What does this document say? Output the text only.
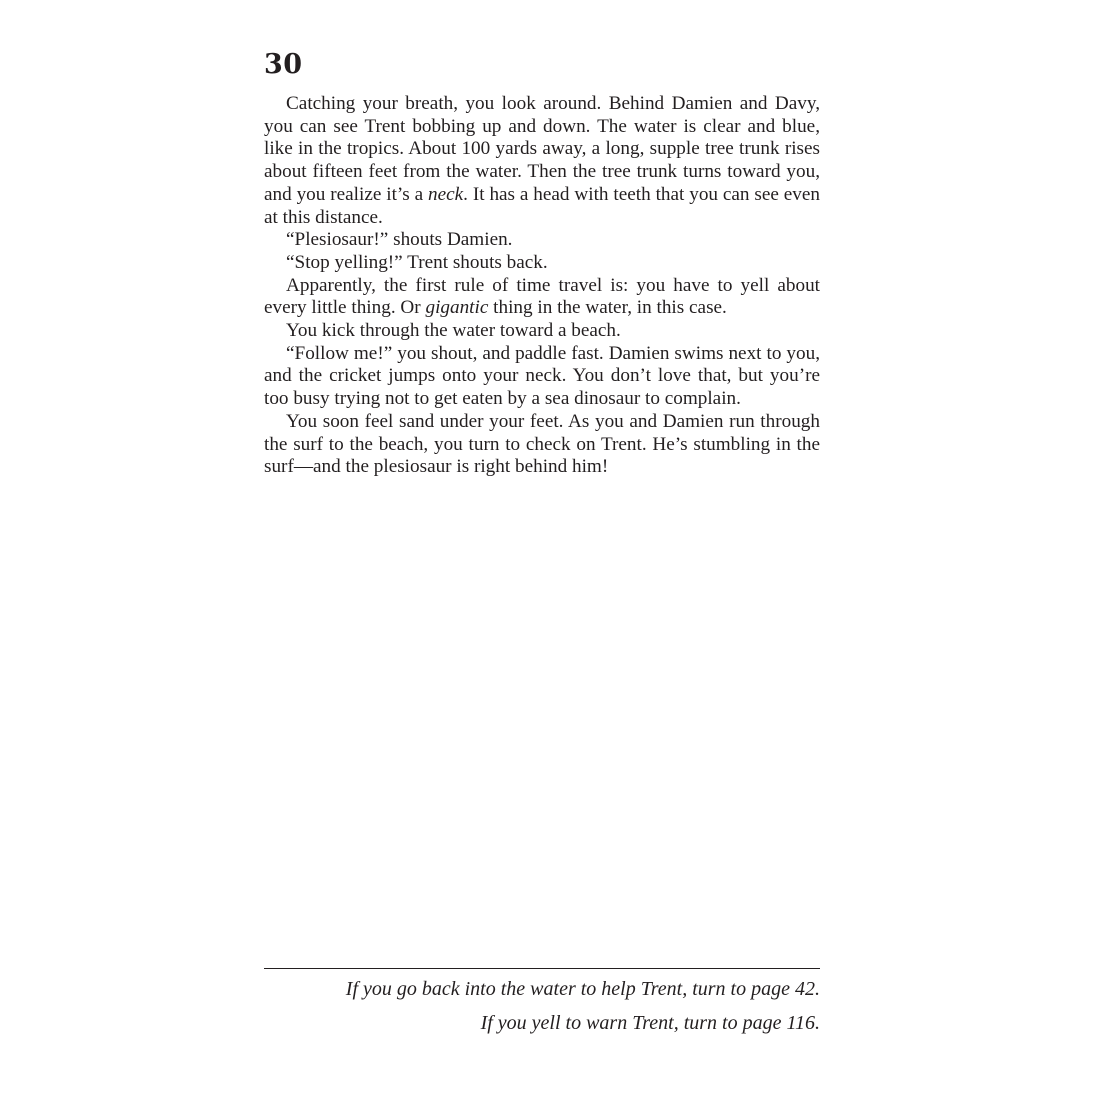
30

Catching your breath, you look around. Behind Damien and Davy, you can see Trent bobbing up and down. The water is clear and blue, like in the tropics. About 100 yards away, a long, supple tree trunk rises about fifteen feet from the water. Then the tree trunk turns toward you, and you realize it’s a neck. It has a head with teeth that you can see even at this distance.

“Plesiosaur!” shouts Damien.

“Stop yelling!” Trent shouts back.

Apparently, the first rule of time travel is: you have to yell about every little thing. Or gigantic thing in the water, in this case.

You kick through the water toward a beach.

“Follow me!” you shout, and paddle fast. Damien swims next to you, and the cricket jumps onto your neck. You don’t love that, but you’re too busy trying not to get eaten by a sea dinosaur to complain.

You soon feel sand under your feet. As you and Damien run through the surf to the beach, you turn to check on Trent. He’s stumbling in the surf—and the plesiosaur is right behind him!

If you go back into the water to help Trent, turn to page 42.
If you yell to warn Trent, turn to page 116.
